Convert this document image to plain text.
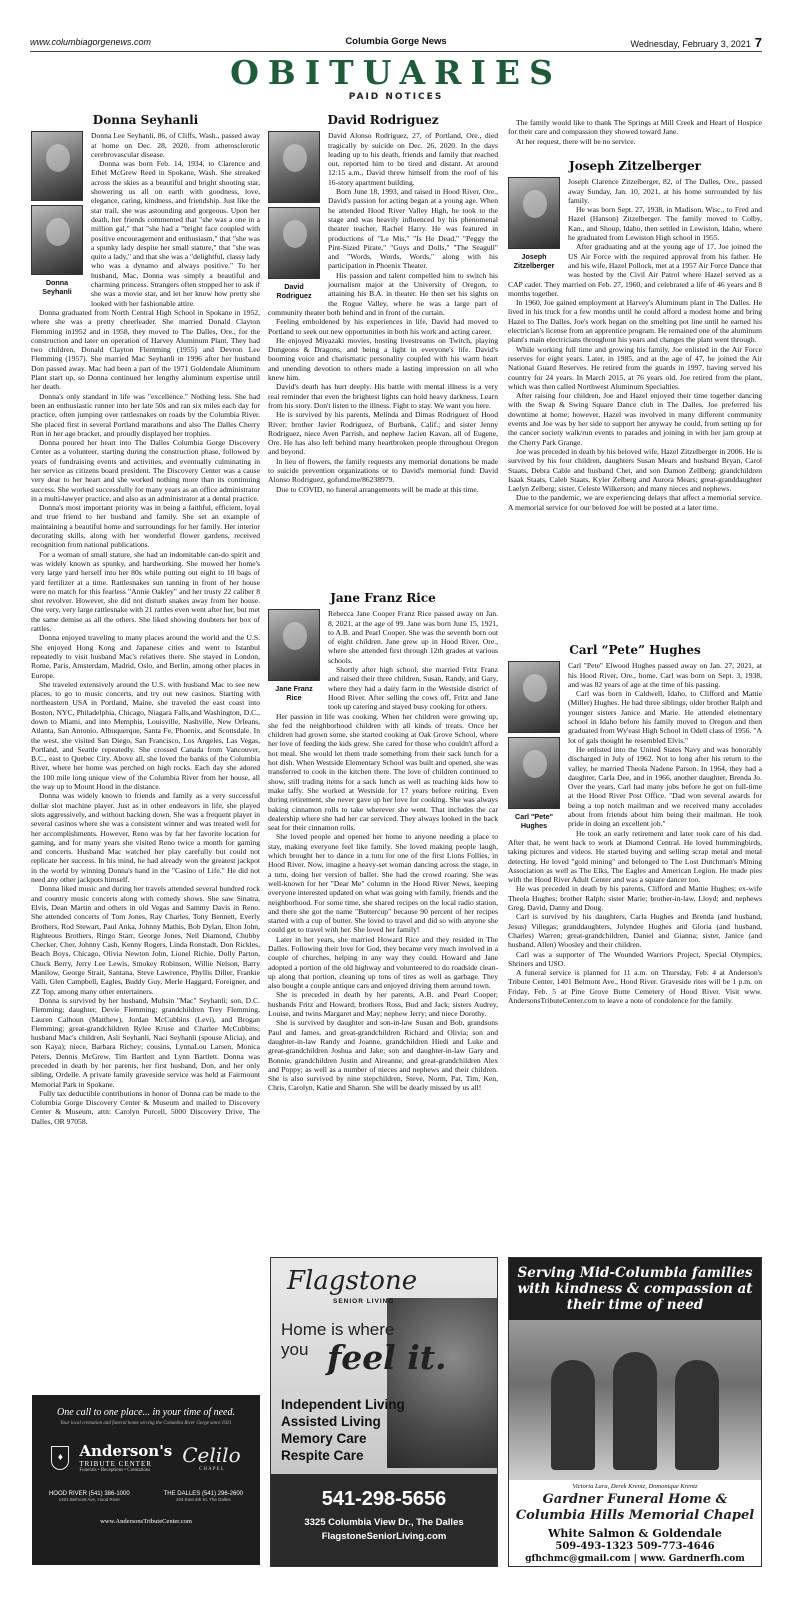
www.columbiagorgenews.com	Columbia Gorge News	Wednesday, February 3, 2021 7
OBITUARIES
PAID NOTICES
Donna Seyhanli
Donna Seyhanli

Donna Lee Seyhanli, 86, of Cliffs, Wash., passed away at home on Dec. 28, 2020, from atherosclerotic cerebrovascular disease.

Donna was born Feb. 14, 1934, to Clarence and Ethel McGrew Reed in Spokane, Wash. She streaked across the skies as a beautiful and bright shooting star, showering us all on earth with goodness, love, elegance, caring, kindness, and friendship. Just like the star trail, she was astounding and gorgeous. Upon her death, her friends commented that "she was a one in a million gal," that "she had a "bright face coupled with positive encouragement and enthusiasm," that "she was a spunky lady despite her small stature," that "she was quite a lady," and that she was a "delightful, classy lady who was a dynamo and always positive." To her husband, Mac, Donna was simply a beautiful and charming princess. Strangers often stopped her to ask if she was a movie star, and let her know how pretty she looked with her fashionable attire.

Donna graduated from North Central High School in Spokane in 1952, where she was a pretty cheerleader. She married Donald Clayton Flemming in1952 and in 1958, they moved to The Dalles, Ore., for the construction and later on operation of Harvey Aluminum Plant. They had two children, Donald Clayton Flemming (1955) and Devron Lee Flemming (1957). She married Mac Seyhanli in 1996 after her husband Don passed away. Mac had been a part of the 1971 Goldendale Aluminum Plant start up, so Donna continued her lengthy aluminum expertise until her death.

Donna's only standard in life was "excellence." Nothing less. She had been an enthusiastic runner into her late 50s and ran six miles each day for practice, often jumping over rattlesnakes on roads by the Columbia River. She placed first in several Portland marathons and also The Dalles Cherry Run in her age bracket, and proudly displayed her trophies.

Donna poured her heart into The Dalles Columbia Gorge Discovery Center as a volunteer, starting during the construction phase, followed by years of fundraising events and activities, and eventually culminating in her service as citizens board president. The Discovery Center was a cause very dear to her heart and she worked nothing more than its continuing success. She worked successfully for many years as an office administrator in a multi-lawyer practice, and also as an administrator at a dental practice.

Donna's most important priority was in being a faithful, efficient, loyal and true friend to her husband and family. She set an example of maintaining a beautiful home and surroundings for her family. Her interior decorating skills, along with her wonderful flower gardens, received recognition from national publications.

For a woman of small stature, she had an indomitable can-do spirit and was widely known as spunky, and hardworking. She mowed her home's very large yard herself into her 80s while putting out eight to 10 bags of yard fertilizer at a time. Rattlesnakes sun tanning in front of her house were no match for this fearless "Annie Oakley" and her trusty 22 caliber 8 shot revolver. However, she did not disturb snakes away from her house. One very, very large rattlesnake with 21 rattles even went after her, but met the same demise as all the others. She liked showing doubters her box of rattles.

Donna enjoyed traveling to many places around the world and the U.S. She enjoyed Hong Kong and Japanese cities and went to Istanbul repeatedly to visit husband Mac's relatives there. She stayed in London, Rome, Paris, Amsterdam, Madrid, Oslo, and Berlin, among other places in Europe.

She traveled extensively around the U.S. with husband Mac to see new places, to go to music concerts, and try out new casinos. Starting with northeastern USA in Portland, Maine, she traveled the east coast into Boston, NYC, Philadelphia, Chicago, Niagara Falls,and Washington, D.C., down to Miami, and into Memphis, Louisville, Nashville, New Orleans, Atlanta, San Antonio, Albuquerque, Santa Fe, Phoenix, and Scottsdale. In the west, she visited San Diego, San Francisco, Los Angeles, Las Vegas, Portland, and Seattle repeatedly. She crossed Canada from Vancouver, B.C., east to Quebec City. Above all, she loved the banks of the Columbia River, where her home was perched on high rocks. Each day she adored the 100 mile long unique view of the Columbia River from her house, all the way up to Mount Hood in the distance.

Donna was widely known to friends and family as a very successful dollar slot machine player. Just as in other endeavors in life, she played slots aggressively, and without backing down. She was a frequent player in several casinos where she was a consistent winner and was treated well for her accomplishments. However, Reno was by far her favorite location for gaming, and for many years she visited Reno twice a month for gaming and concerts. Husband Mac watched her play carefully but could not replicate her success. In his mind, he had already won the greatest jackpot in the world by winning Donna's hand in the "Casino of Life." He did not need any other jackpots himself.

Donna liked music and during her travels attended several hundred rock and country music concerts along with comedy shows. She saw Sinatra, Elvis, Dean Martin and others in old Vegas and Sammy Davis in Reno. She attended concerts of Tom Jones, Ray Charles, Tony Bennett, Everly Brothers, Rod Stewart, Paul Anka, Johnny Mathis, Bob Dylan, Elton John, Righteous Brothers, Ringo Starr, George Jones, Neil Diamond, Chubby Checker, Cher, Johnny Cash, Kenny Rogers, Linda Ronstadt, Don Rickles, Beach Boys, Chicago, Olivia Newton John, Lionel Richie, Dolly Parton, Chuck Berry, Jerry Lee Lewis, Smokey Robinson, Willie Nelson, Barry Manilow, George Strait, Santana, Steve Lawrence, Phyllis Diller, Frankie Valli, Glen Campbell, Eagles, Buddy Guy, Merle Haggard, Foreigner, and ZZ Top, among many other entertainers.

Donna is survived by her husband, Muhsin "Mac" Seyhanli; son, D.C. Flemming; daughter, Devie Flemming; grandchildren Trey Flemming, Lauren Calhoun (Matthew), Jordan McCubbins (Levi), and Brogan Flemming; great-grandchildren Rylee Kruse and Charlee McCubbins; husband Mac's children, Asli Seyhanli, Naci Seyhanli (spouse Alicia), and son Kaya); niece, Barbara Richey; cousins, LynnaLou Larsen, Monica Peters, Dennis McGrew, Tim Bartlett and Lynn Bartlett. Donna was preceded in death by her parents, her first husband, Don, and her only sibling, Ordelle. A private family graveside service was held at Fairmount Memorial Park in Spokane.

Fully tax deductible contributions in honor of Donna can be made to the Columbia Gorge Discovery Center & Museum and mailed to Discovery Center & Museum, attn: Carolyn Purcell, 5000 Discovery Drive, The Dalles, OR 97058.

David Rodriguez
David Rodriguez

David Alonso Rodriguez, 27, of Portland, Ore., died tragically by suicide on Dec. 26, 2020. In the days leading up to his death, friends and family that reached out, reported him to be tired and distant. At around 12:15 a.m., David threw himself from the roof of his 16-story apartment building.

Born June 18, 1993, and raised in Hood River, Ore., David's passion for acting began at a young age. When he attended Hood River Valley High, he took to the stage and was heavily influenced by his phenomenal theater teacher, Rachel Harry. He was featured in productions of "Le Mis," "Is He Dead," "Peggy the Pint-Sized Pirate," "Guys and Dolls," "The Seagull" and "Words, Words, Words," along with his participation in Phoenix Theater.

His passion and talent compelled him to switch his journalism major at the University of Oregon, to attaining his B.A. in theater. He then set his sights on the Rogue Valley, where he was a large part of community theater both behind and in front of the curtain.

Feeling emboldened by his experiences in life, David had moved to Portland to seek out new opportunities in both his work and acting career.

He enjoyed Miyazaki movies, hosting livestreams on Twitch, playing Dungeons & Dragons, and being a light in everyone's life. David's booming voice and charismatic personality coupled with his warm heart and unending devotion to others made a lasting impression on all who knew him.

David's death has hurt deeply. His battle with mental illness is a very real reminder that even the brightest lights can hold heavy darkness. Learn from his story. Don't listen to the illness. Fight to stay. We want you here.

He is survived by his parents, Melinda and Dimas Rodriguez of Hood River; brother Javier Rodriguez, of Burbank, Calif.; and sister Jenny Rodriguez, niece Aven Parrish, and nephew Jacien Kavan, all of Eugene, Ore. He has also left behind many heartbroken people throughout Oregon and beyond.

In lieu of flowers, the family requests any memorial donations be made to suicide prevention organizations or to David's memorial fund: David Alonso Rodriguez, gofund.me/86238979.

Due to COVID, no funeral arrangements will be made at this time.

Jane Franz Rice
Jane Franz Rice

Rebecca Jane Cooper Franz Rice passed away on Jan. 8, 2021, at the age of 99. Jane was born June 15, 1921, to A.B. and Pearl Cooper. She was the seventh born out of eight children. Jane grew up in Hood River, Ore., where she attended first through 12th grades at various schools.

Shortly after high school, she married Fritz Franz and raised their three children, Susan, Randy, and Gary, where they had a dairy farm in the Westside district of Hood River. After selling the cows off, Fritz and Jane took up catering and stayed busy cooking for others.

Her passion in life was cooking. When her children were growing up, she fed the neighborhood children with all kinds of treats. Once her children had grown some, she started cooking at Oak Grove School, where her love of feeding the kids grew. She cared for those who couldn't afford a hot meal. She would let them trade something from their sack lunch for a hot dish. When Westside Elementary School was built and opened, she was transferred to cook in the kitchen there. The love of children continued to show, still trading items for a sack lunch as well as teaching kids how to make taffy. She worked at Westside for 17 years before retiring. Even during retirement, she never gave up her love for cooking. She was always baking cinnamon rolls to take wherever she went. That includes the car dealership where she had her car serviced. They always looked in the back seat for their cinnamon rolls.

She loved people and opened her home to anyone needing a place to stay, making everyone feel like family. She loved making people laugh, which brought her to dance in a tutu for one of the first Lions Follies, in Hood River. Now, imagine a heavy-set woman dancing across the stage, in a tutu, doing her version of ballet. She had the crowd roaring. She was well-known for her "Dear Me" column in the Hood River News, keeping everyone interested updated on what was going with family, friends and the neighborhood. For some time, she shared recipes on the local radio station, and there she got the name "Buttercup" because 90 percent of her recipes started with a cup of butter. She loved to travel and did so with anyone she could get to travel with her. She loved her family!

Later in her years, she married Howard Rice and they resided in The Dalles. Following their love for God, they became very much involved in a couple of churches, helping in any way they could. Howard and Jane adopted a portion of the old highway and volunteered to do roadside clean-up along that portion, cleaning up tons of tires as well as garbage. They also bought a couple antique cars and enjoyed driving them around town.

She is preceded in death by her parents, A.B. and Pearl Cooper; husbands Fritz and Howard; brothers Ross, Bud and Jack; sisters Audrey, Louise, and twins Margaret and May; nephew Jerry; and niece Dorothy.

She is survived by daughter and son-in-law Susan and Bob, grandsons Paul and James, and great-grandchildren Richard and Olivia; son and daughter-in-law Randy and Joanne, grandchildren Hiedi and Luke and great-grandchildren Joshua and Jake; son and daughter-in-law Gary and Bonnie, grandchildren Justin and Aireanne, and great-grandchildren Alex and Poppy; as well as a number of nieces and nephews and their children. She is also survived by nine stepchildren, Steve, Norm, Pat, Tim, Ken, Chris, Carolyn, Katie and Sharon. She will be dearly missed by us all!

The family would like to thank The Springs at Mill Creek and Heart of Hospice for their care and compassion they showed toward Jane.

At her request, there will be no service.

Joseph Zitzelberger
Joseph Zitzelberger

Joseph Clarence Zitzelberger, 82, of The Dalles, Ore., passed away Sunday, Jan. 10, 2021, at his home surrounded by his family.

He was born Sept. 27, 1938, in Madison, Wisc., to Fred and Hazel (Hanson) Zitzelberger. The family moved to Colby, Kan., and Shoup, Idaho, then settled in Lewiston, Idaho, where he graduated from Lewiston High school in 1955.

After graduating and at the young age of 17, Joe joined the US Air Force with the required approval from his father. He and his wife, Hazel Pollock, met at a 1957 Air Force Dance that was hosted by the Civil Air Patrol where Hazel served as a CAP cadet. They married on Feb. 27, 1960, and celebrated a life of 46 years and 8 months together.

In 1960, Joe gained employment at Harvey's Aluminum plant in The Dalles. He lived in his truck for a few months until he could afford a modest home and bring Hazel to The Dalles. Joe's work began on the smelting pot line until he earned his electrician's license from an apprentice program. He remained one of the aluminum plant's main electricians throughout his years and changes the plant went through.

While working full time and growing his family, Joe enlisted in the Air Force reserves for eight years. Later, in 1985, and at the age of 47, he joined the Air National Guard Reserves. He retired from the guards in 1997, having served his country for 24 years. In March 2015, at 76 years old, Joe retired from the plant, which was then called Northwest Aluminum Specialties.

After raising four children, Joe and Hazel enjoyed their time together dancing with the Swap & Swing Square Dance club in The Dalles. Joe preferred his downtime at home; however, Hazel was involved in many different community events and Joe was by her side to support her anyway he could, from setting up for the cancer society walk/run events to parades and joining in with her jam group at the Cherry Park Grange.

Joe was preceded in death by his beloved wife, Hazel Zitzelberger in 2006. He is survived by his four children, daughters Susan Mears and husband Bryan, Carol Staats, Debra Cable and husband Chet, and son Damon Zellberg; grandchildren Isaak Staats, Caleb Staats, Kyler Zelberg and Aurora Mears; great-granddaughter Laelyn Zelberg; sister, Celeste Wilkerson; and many nieces and nephews.

Due to the pandemic, we are experiencing delays that affect a memorial service. A memorial service for our beloved Joe will be posted at a later time.

Carl “Pete” Hughes
Carl "Pete" Hughes

Carl "Pete" Elwood Hughes passed away on Jan. 27, 2021, at his Hood River, Ore., home. Carl was born on Sept. 3, 1938, and was 82 years of age at the time of his passing.

Carl was born in Caldwell, Idaho, to Clifford and Mattie (Miller) Hughes. He had three siblings, older brother Ralph and younger sisters Janice and Marie. He attended elementary school in Idaho before his family moved to Oregon and then graduated from Wy'east High School in Odell class of 1956. "A lot of gals thought he resembled Elvis."

He enlisted into the United States Navy and was honorably discharged in July of 1962. Not to long after his return to the valley, he married Theola Nadene Parson. In 1964, they had a daughter, Carla Dee, and in 1966, another daughter, Brenda Jo. Over the years, Carl had many jobs before he got on full-time at the Hood River Post Office. "Dad won several awards for being a top notch mailman and we received many accolades about from friends about him being their mailman. He took pride in doing an excellent job."

He took an early retirement and later took care of his dad. After that, he went back to work at Diamond Central. He loved hummingbirds, taking pictures and videos. He started buying and selling scrap metal and metal detecting. He loved "gold mining" and belonged to The Lost Dutchman's Mining Association as well as The Elks, The Eagles and American Legion. He made pies with the Hood River Adult Center and was a square dancer too.

He was preceded in death by his parents, Clifford and Mattie Hughes; ex-wife Theola Hughes; brother Ralph; sister Marie; brother-in-law, Lloyd; and nephews Greg, David, Danny and Doug.

Carl is survived by his daughters, Carla Hughes and Brenda (and husband, Jesus) Villegas; granddaughters, Jolyndee Hughes and Gloria (and husband, Charles) Warren; great-grandchildren, Daniel and Gianna; sister, Janice (and husband, Allen) Woosley and their children.

Carl was a supporter of The Wounded Warriors Project, Special Olympics, Shriners and USO.

A funeral service is planned for 11 a.m. on Thursday, Feb. 4 at Anderson's Tribute Center, 1401 Belmont Ave., Hood River. Graveside rites will be 1 p.m. on Friday, Feb. 5 at Pine Grove Butte Cemetery of Hood River. Visit www. AndersonsTributeCenter.com to leave a note of condolence for the family.

One call to one place... in your time of need.
Your local cremation and funeral home serving the Columbia River Gorge since 1921
♦	Anderson's
TRIBUTE CENTER
Funerals • Receptions • Cremations
Celilo
C H A P E L
HOOD RIVER (541) 386-1000
1401 Belmont Ave, Hood River
THE DALLES (541) 296-2600
204 East 4th St, The Dalles
www.AndersonsTributeCenter.com
Flagstone
SENIOR LIVING
Home is where
you feel it.
Independent Living
Assisted Living
Memory Care
Respite Care
541-298-5656
3325 Columbia View Dr., The Dalles
FlagstoneSeniorLiving.com
Serving Mid-Columbia families with kindness & compassion at their time of need
Victoria Lara, Derek Krentz, Domonique Krentz
Gardner Funeral Home &
Columbia Hills Memorial Chapel
White Salmon & Goldendale
509-493-1323 509-773-4646
gfhchmc@gmail.com | www. Gardnerfh.com
